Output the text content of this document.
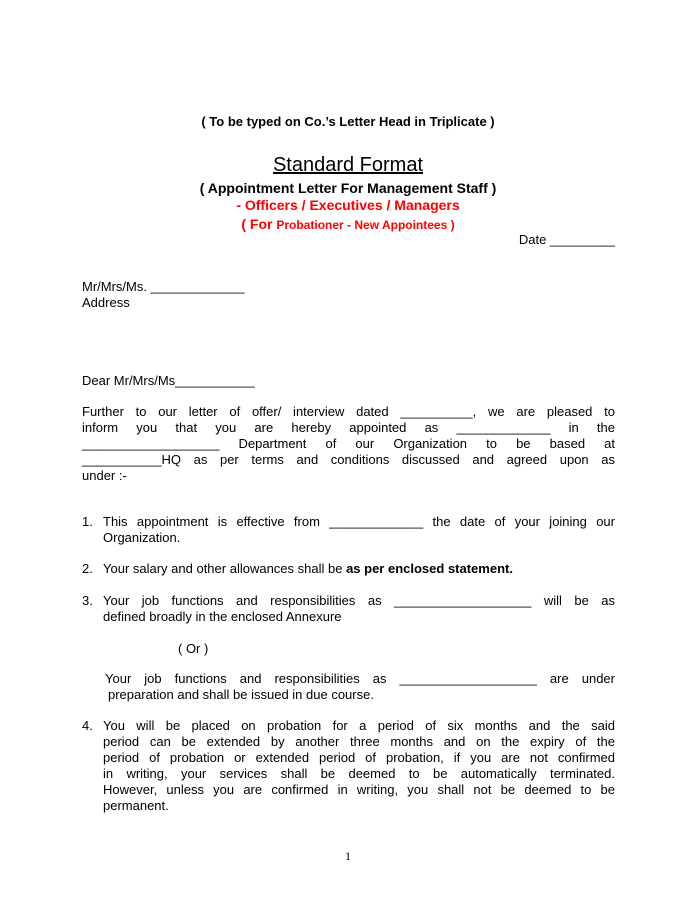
( To be typed on Co.’s Letter Head in Triplicate )
Standard Format
( Appointment Letter For Management Staff )
- Officers / Executives / Managers
( For Probationer - New Appointees )
Date _________
Mr/Mrs/Ms. _____________
Address
Dear Mr/Mrs/Ms___________
Further to our letter of offer/ interview dated __________, we are pleased to
inform you that you are hereby appointed as _____________ in the
___________________ Department of our Organization to be based at
___________HQ as per terms and conditions discussed and agreed upon as
under :-
1. This appointment is effective from _____________ the date of your joining our
Organization.
2. Your salary and other allowances shall be as per enclosed statement.
3. Your job functions and responsibilities as ___________________ will be as
defined broadly in the enclosed Annexure
( Or )
Your job functions and responsibilities as ___________________ are under
preparation and shall be issued in due course.
4. You will be placed on probation for a period of six months and the said
period can be extended by another three months and on the expiry of the
period of probation or extended period of probation, if you are not confirmed
in writing, your services shall be deemed to be automatically terminated.
However, unless you are confirmed in writing, you shall not be deemed to be
permanent.
1
